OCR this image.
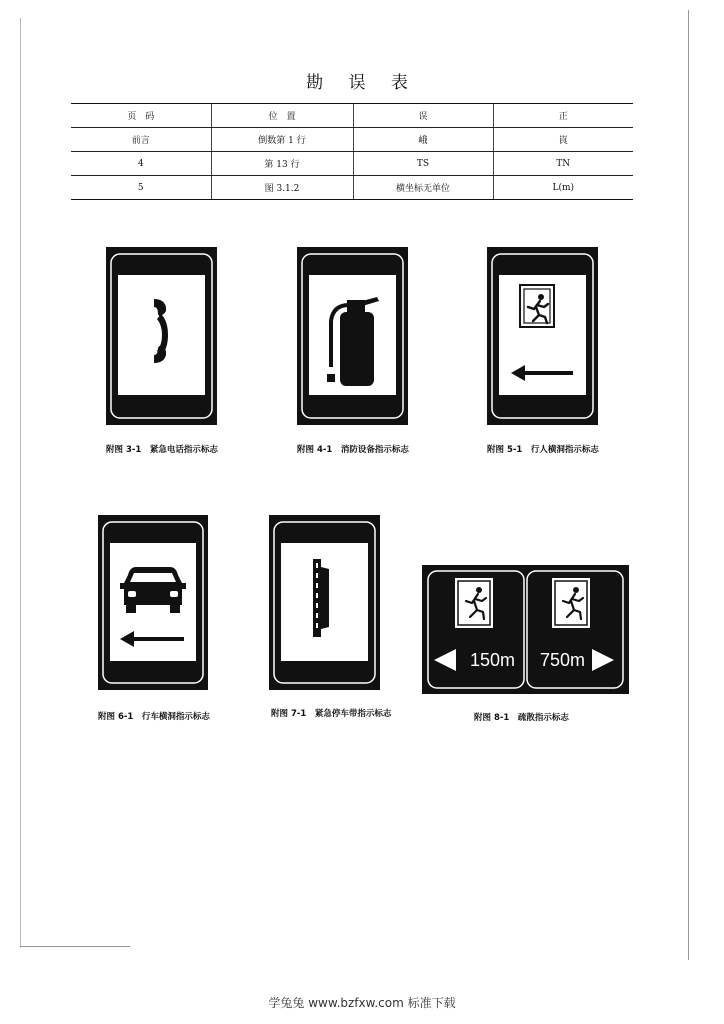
勘 误 表
页　码	位　置	误	正
前言	倒数第 1 行	峨	崀
4	第 13 行	TS	TN
5	图 3.1.2	横坐标无单位	L(m)
150m 750m
附图 3-1　紧急电话指示标志	附图 4-1　消防设备指示标志	附图 5-1　行人横洞指示标志
附图 6-1　行车横洞指示标志	附图 7-1　紧急停车带指示标志	附图 8-1　疏散指示标志
学兔兔 www.bzfxw.com 标准下载
